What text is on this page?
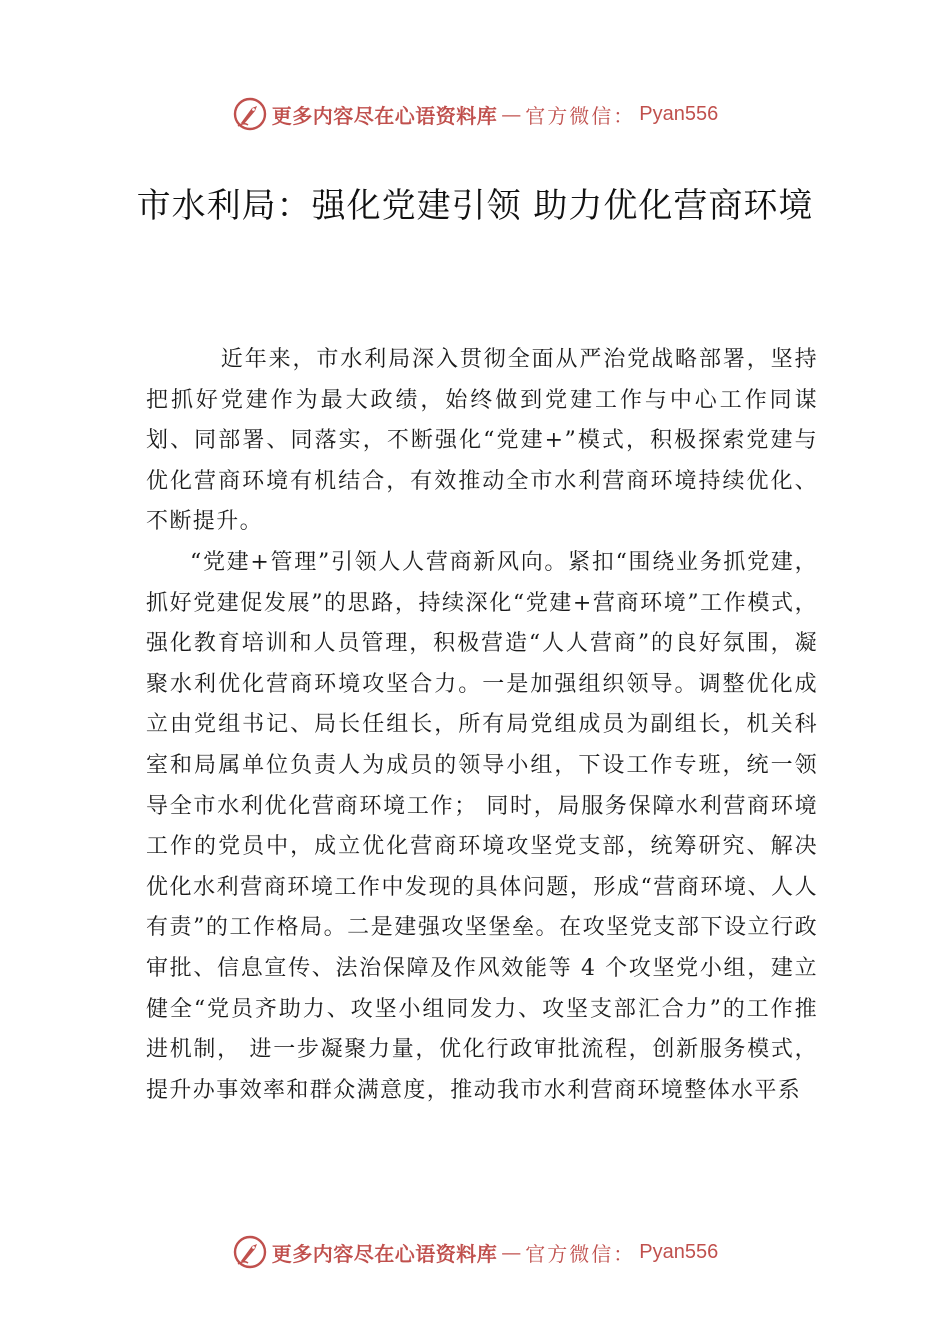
更多内容尽在心语资料库 — 官方微信： Pyan556
市水利局：强化党建引领 助力优化营商环境

近年来，市水利局深入贯彻全面从严治党战略部署，坚持把抓好党建作为最大政绩，始终做到党建工作与中心工作同谋划、同部署、同落实，不断强化“党建+”模式，积极探索党建与优化营商环境有机结合，有效推动全市水利营商环境持续优化、不断提升。

“党建+管理”引领人人营商新风向。紧扣“围绕业务抓党建，抓好党建促发展”的思路，持续深化“党建+营商环境”工作模式，强化教育培训和人员管理，积极营造“人人营商”的良好氛围，凝聚水利优化营商环境攻坚合力。一是加强组织领导。调整优化成立由党组书记、局长任组长，所有局党组成员为副组长，机关科室和局属单位负责人为成员的领导小组，下设工作专班，统一领导全市水利优化营商环境工作； 同时，局服务保障水利营商环境工作的党员中，成立优化营商环境攻坚党支部，统筹研究、解决优化水利营商环境工作中发现的具体问题，形成“营商环境、人人有责”的工作格局。二是建强攻坚堡垒。在攻坚党支部下设立行政审批、信息宣传、法治保障及作风效能等 4 个攻坚党小组，建立健全“党员齐助力、攻坚小组同发力、攻坚支部汇合力”的工作推进机制， 进一步凝聚力量，优化行政审批流程，创新服务模式，提升办事效率和群众满意度，推动我市水利营商环境整体水平系

更多内容尽在心语资料库 — 官方微信： Pyan556
